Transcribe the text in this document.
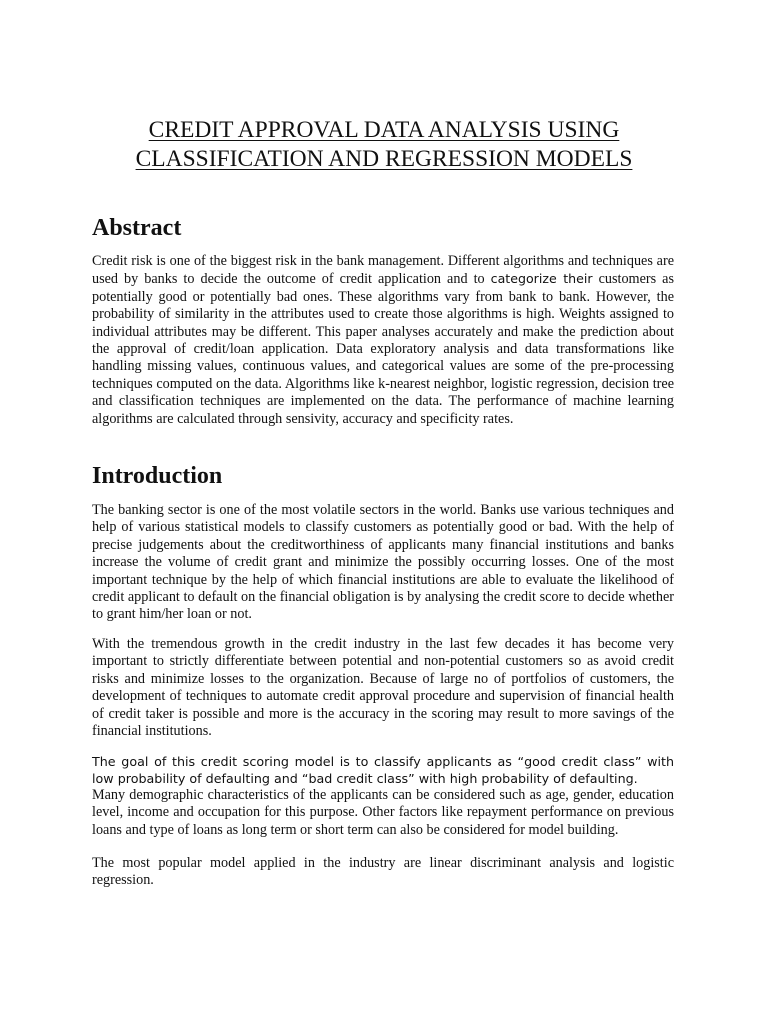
CREDIT APPROVAL DATA ANALYSIS USING
CLASSIFICATION AND REGRESSION MODELS
Abstract

Credit risk is one of the biggest risk in the bank management. Different algorithms and techniques are used by banks to decide the outcome of credit application and to categorize their customers as potentially good or potentially bad ones. These algorithms vary from bank to bank. However, the probability of similarity in the attributes used to create those algorithms is high. Weights assigned to individual attributes may be different. This paper analyses accurately and make the prediction about the approval of credit/loan application. Data exploratory analysis and data transformations like handling missing values, continuous values, and categorical values are some of the pre-processing techniques computed on the data. Algorithms like k-nearest neighbor, logistic regression, decision tree and classification techniques are implemented on the data. The performance of machine learning algorithms are calculated through sensivity, accuracy and specificity rates.

Introduction

The banking sector is one of the most volatile sectors in the world. Banks use various techniques and help of various statistical models to classify customers as potentially good or bad. With the help of precise judgements about the creditworthiness of applicants many financial institutions and banks increase the volume of credit grant and minimize the possibly occurring losses. One of the most important technique by the help of which financial institutions are able to evaluate the likelihood of credit applicant to default on the financial obligation is by analysing the credit score to decide whether to grant him/her loan or not.

With the tremendous growth in the credit industry in the last few decades it has become very important to strictly differentiate between potential and non-potential customers so as avoid credit risks and minimize losses to the organization. Because of large no of portfolios of customers, the development of techniques to automate credit approval procedure and supervision of financial health of credit taker is possible and more is the accuracy in the scoring may result to more savings of the financial institutions.

The goal of this credit scoring model is to classify applicants as “good credit class” with low probability of defaulting and “bad credit class” with high probability of defaulting.

Many demographic characteristics of the applicants can be considered such as age, gender, education level, income and occupation for this purpose. Other factors like repayment performance on previous loans and type of loans as long term or short term can also be considered for model building.

The most popular model applied in the industry are linear discriminant analysis and logistic regression.
